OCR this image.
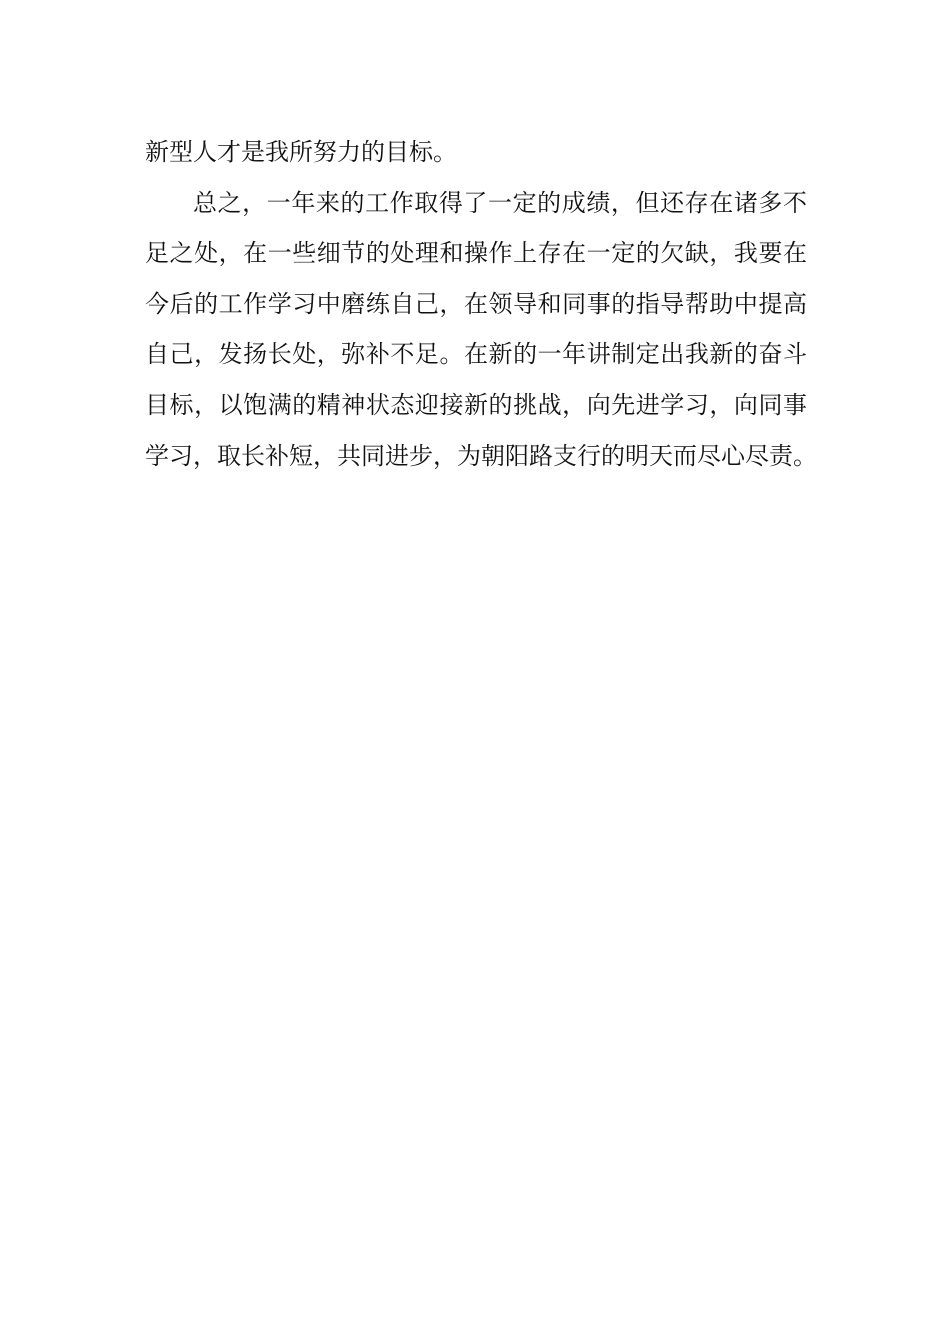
新型人才是我所努力的目标。
总之，一年来的工作取得了一定的成绩，但还存在诸多不
足之处，在一些细节的处理和操作上存在一定的欠缺，我要在
今后的工作学习中磨练自己，在领导和同事的指导帮助中提高
自己，发扬长处，弥补不足。在新的一年讲制定出我新的奋斗
目标，以饱满的精神状态迎接新的挑战，向先进学习，向同事
学习，取长补短，共同进步，为朝阳路支行的明天而尽心尽责。
